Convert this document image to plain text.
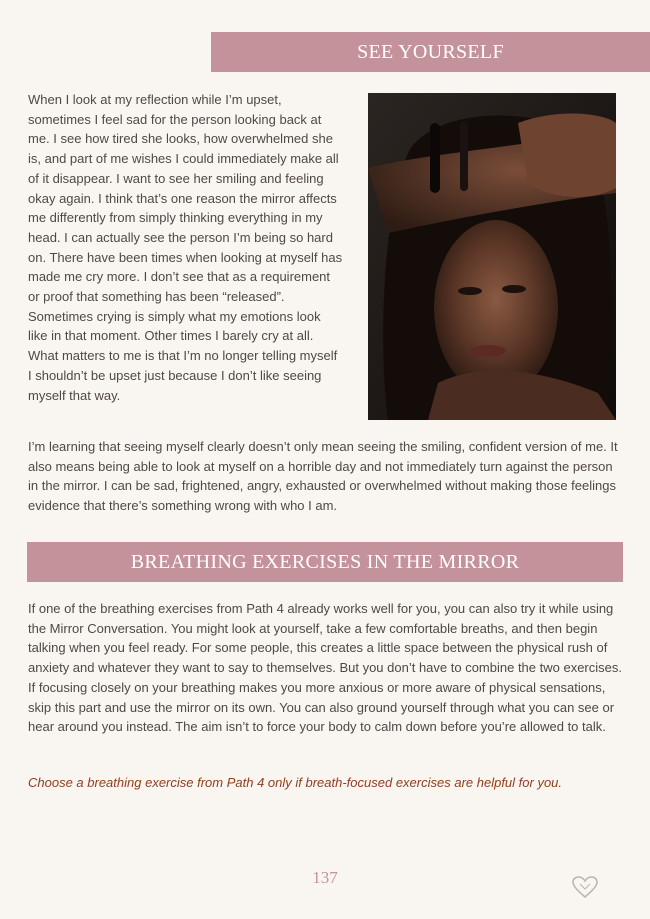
SEE YOURSELF
When I look at my reflection while I’m upset, sometimes I feel sad for the person looking back at me. I see how tired she looks, how overwhelmed she is, and part of me wishes I could immediately make all of it disappear. I want to see her smiling and feeling okay again. I think that’s one reason the mirror affects me differently from simply thinking everything in my head. I can actually see the person I’m being so hard on. There have been times when looking at myself has made me cry more. I don’t see that as a requirement or proof that something has been “released”. Sometimes crying is simply what my emotions look like in that moment. Other times I barely cry at all. What matters to me is that I’m no longer telling myself I shouldn’t be upset just because I don’t like seeing myself that way.
I’m learning that seeing myself clearly doesn’t only mean seeing the smiling, confident version of me. It also means being able to look at myself on a horrible day and not immediately turn against the person in the mirror. I can be sad, frightened, angry, exhausted or overwhelmed without making those feelings evidence that there’s something wrong with who I am.
BREATHING EXERCISES IN THE MIRROR
If one of the breathing exercises from Path 4 already works well for you, you can also try it while using the Mirror Conversation. You might look at yourself, take a few comfortable breaths, and then begin talking when you feel ready. For some people, this creates a little space between the physical rush of anxiety and whatever they want to say to themselves. But you don’t have to combine the two exercises. If focusing closely on your breathing makes you more anxious or more aware of physical sensations, skip this part and use the mirror on its own. You can also ground yourself through what you can see or hear around you instead. The aim isn’t to force your body to calm down before you’re allowed to talk.
Choose a breathing exercise from Path 4 only if breath-focused exercises are helpful for you.
137
